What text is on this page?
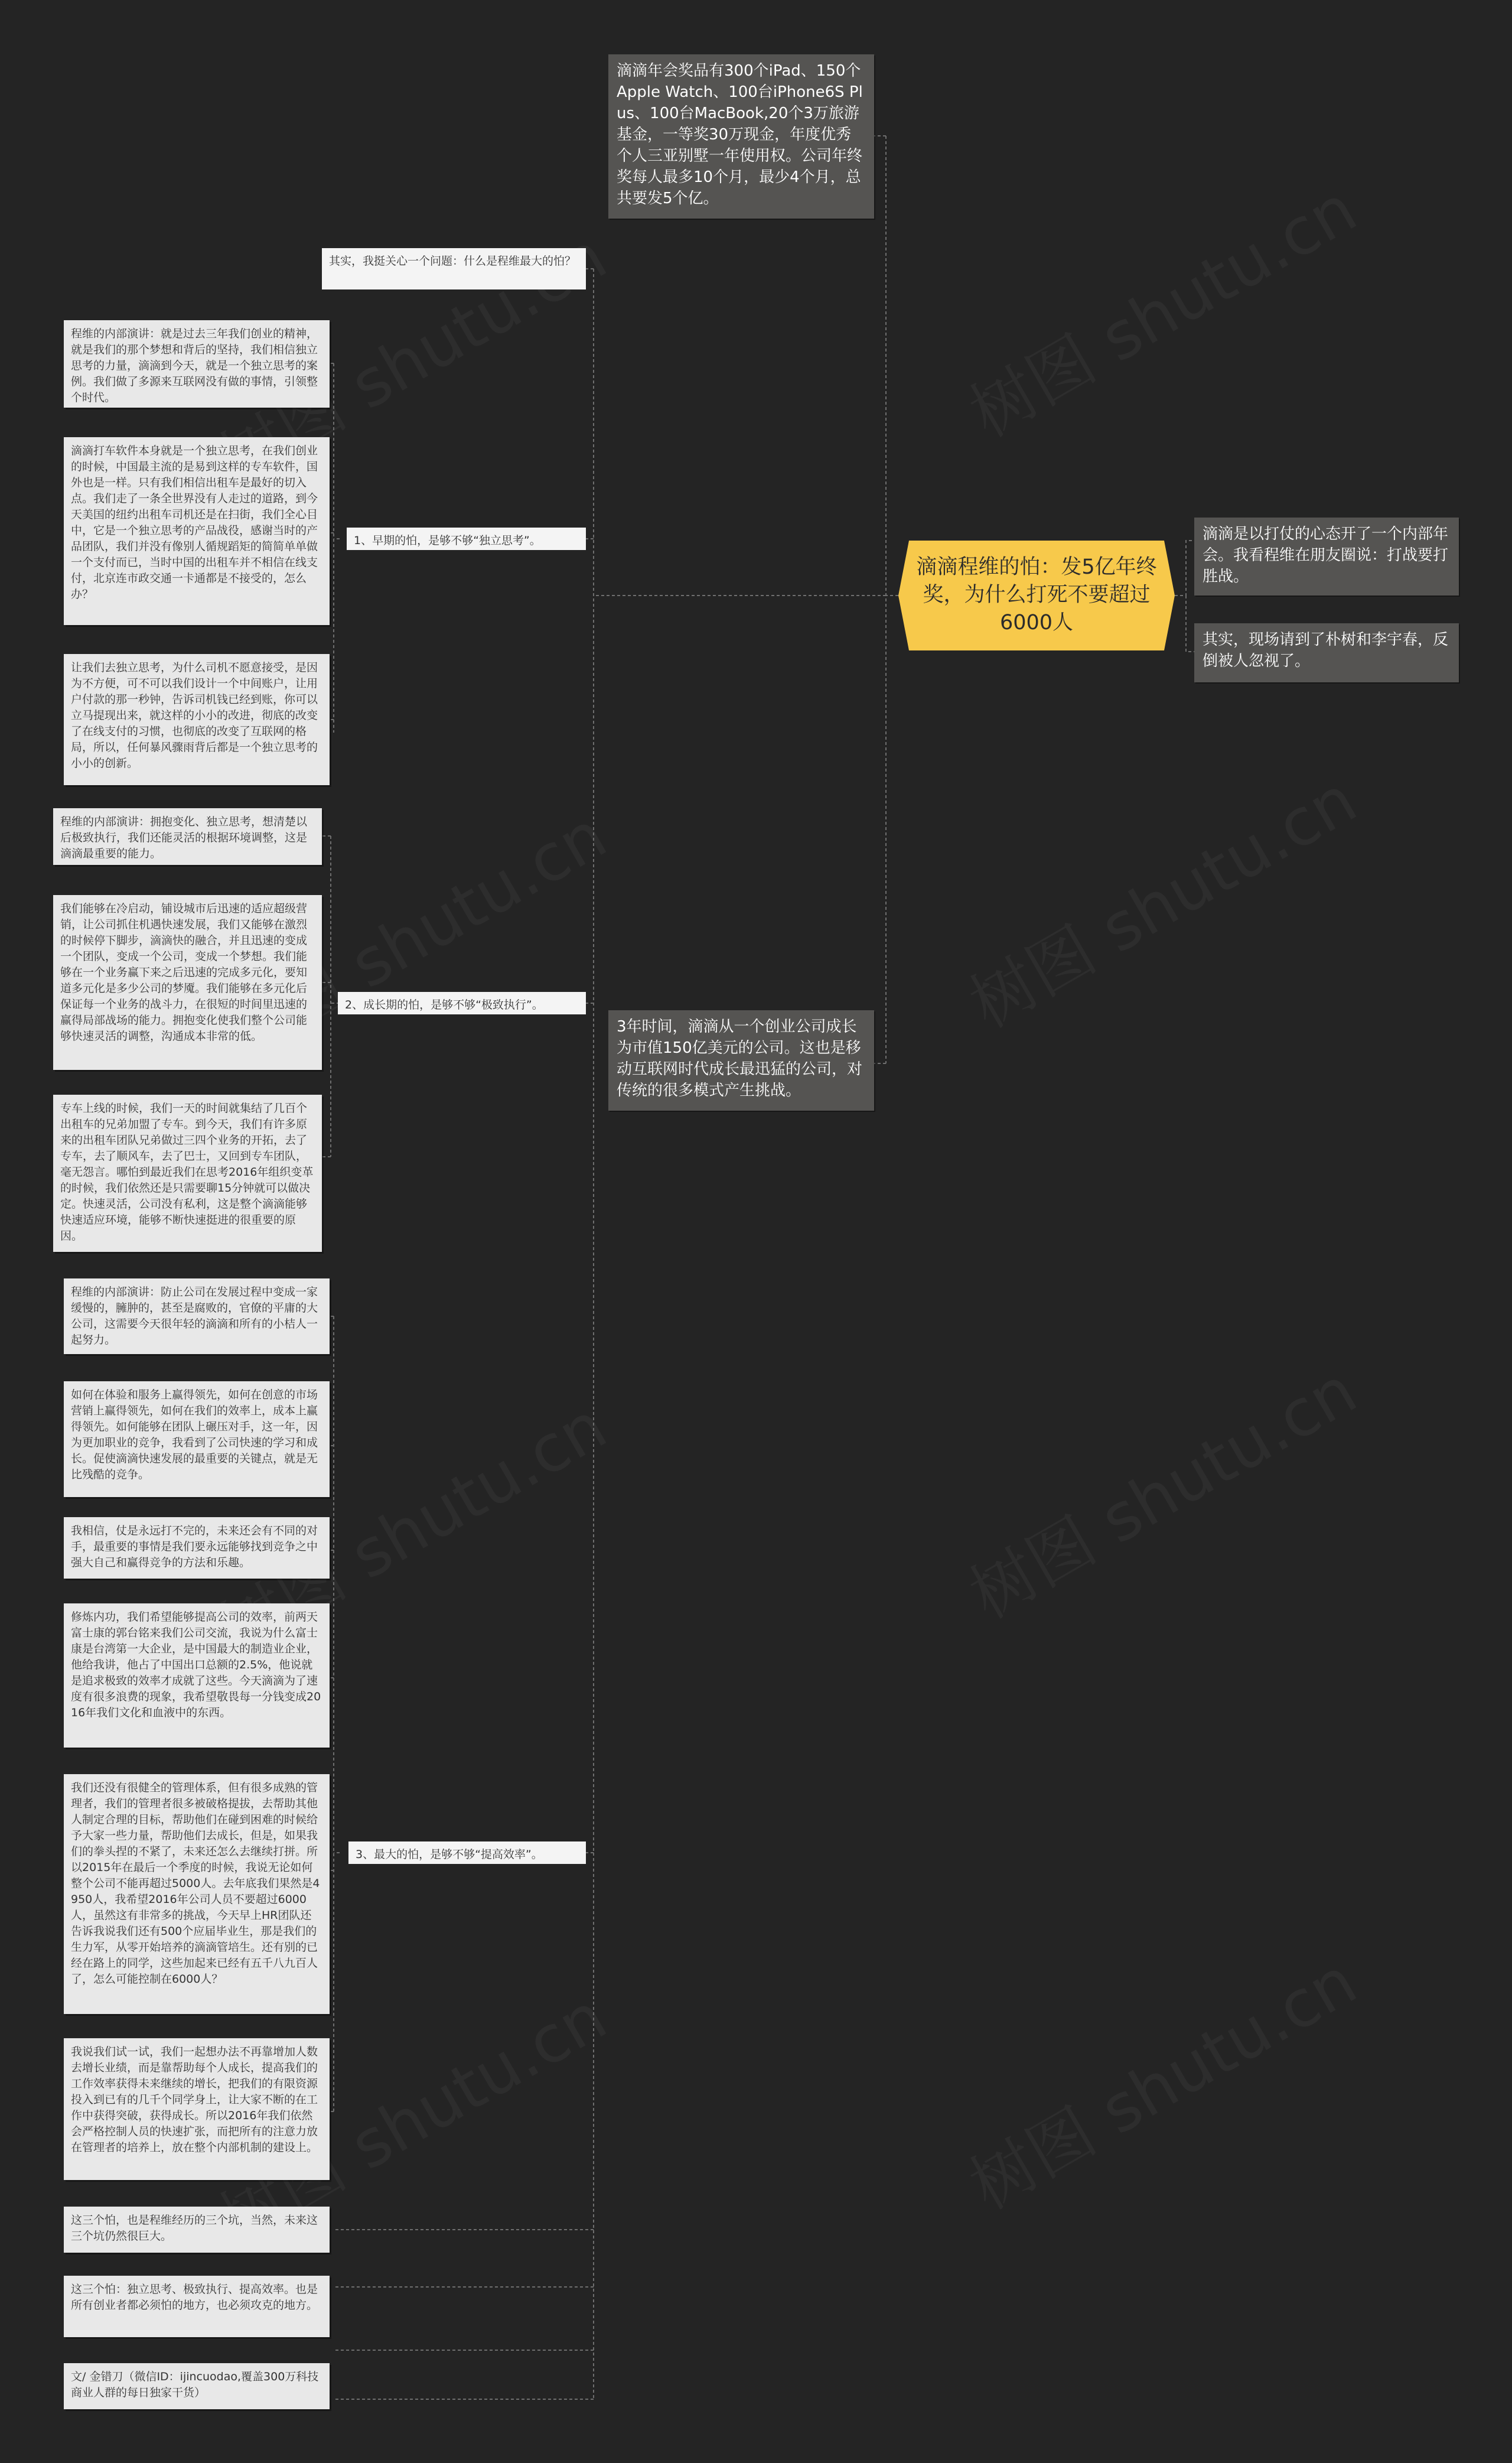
滴滴程维的怕：发5亿年终奖，为什么打死不要超过6000人
滴滴是以打仗的心态开了一个内部年会。我看程维在朋友圈说：打战要打胜战。
其实，现场请到了朴树和李宇春，反倒被人忽视了。
滴滴年会奖品有300个iPad、150个Apple Watch、100台iPhone6S Plus、100台MacBook,20个3万旅游基金，一等奖30万现金，年度优秀个人三亚别墅一年使用权。公司年终奖每人最多10个月，最少4个月，总共要发5个亿。
3年时间，滴滴从一个创业公司成长为市值150亿美元的公司。这也是移动互联网时代成长最迅猛的公司，对传统的很多模式产生挑战。
其实，我挺关心一个问题：什么是程维最大的怕？
1、早期的怕，是够不够“独立思考”。
2、成长期的怕，是够不够“极致执行”。
3、最大的怕，是够不够“提高效率”。
程维的内部演讲：就是过去三年我们创业的精神，就是我们的那个梦想和背后的坚持，我们相信独立思考的力量，滴滴到今天，就是一个独立思考的案例。我们做了多源来互联网没有做的事情，引领整个时代。
滴滴打车软件本身就是一个独立思考，在我们创业的时候，中国最主流的是易到这样的专车软件，国外也是一样。只有我们相信出租车是最好的切入点。我们走了一条全世界没有人走过的道路，到今天美国的纽约出租车司机还是在扫街，我们全心目中，它是一个独立思考的产品战役，感谢当时的产品团队，我们并没有像别人循规蹈矩的简简单单做一个支付而已，当时中国的出租车并不相信在线支付，北京连市政交通一卡通都是不接受的，怎么办？
让我们去独立思考，为什么司机不愿意接受，是因为不方便，可不可以我们设计一个中间账户，让用户付款的那一秒钟，告诉司机钱已经到账，你可以立马提现出来，就这样的小小的改进，彻底的改变了在线支付的习惯，也彻底的改变了互联网的格局，所以，任何暴风骤雨背后都是一个独立思考的小小的创新。
程维的内部演讲：拥抱变化、独立思考，想清楚以后极致执行，我们还能灵活的根据环境调整，这是滴滴最重要的能力。
我们能够在冷启动，铺设城市后迅速的适应超级营销，让公司抓住机遇快速发展，我们又能够在激烈的时候停下脚步，滴滴快的融合，并且迅速的变成一个团队，变成一个公司，变成一个梦想。我们能够在一个业务赢下来之后迅速的完成多元化，要知道多元化是多少公司的梦魇。我们能够在多元化后保证每一个业务的战斗力，在很短的时间里迅速的赢得局部战场的能力。拥抱变化使我们整个公司能够快速灵活的调整，沟通成本非常的低。
专车上线的时候，我们一天的时间就集结了几百个出租车的兄弟加盟了专车。到今天，我们有许多原来的出租车团队兄弟做过三四个业务的开拓，去了专车，去了顺风车，去了巴士，又回到专车团队，毫无怨言。哪怕到最近我们在思考2016年组织变革的时候，我们依然还是只需要聊15分钟就可以做决定。快速灵活，公司没有私利，这是整个滴滴能够快速适应环境，能够不断快速挺进的很重要的原因。
程维的内部演讲：防止公司在发展过程中变成一家缓慢的，臃肿的，甚至是腐败的，官僚的平庸的大公司，这需要今天很年轻的滴滴和所有的小桔人一起努力。
如何在体验和服务上赢得领先，如何在创意的市场营销上赢得领先，如何在我们的效率上，成本上赢得领先。如何能够在团队上碾压对手，这一年，因为更加职业的竞争，我看到了公司快速的学习和成长。促使滴滴快速发展的最重要的关键点，就是无比残酷的竞争。
我相信，仗是永远打不完的，未来还会有不同的对手，最重要的事情是我们要永远能够找到竞争之中强大自己和赢得竞争的方法和乐趣。
修炼内功，我们希望能够提高公司的效率，前两天富士康的郭台铭来我们公司交流，我说为什么富士康是台湾第一大企业，是中国最大的制造业企业，他给我讲，他占了中国出口总额的2.5%，他说就是追求极致的效率才成就了这些。今天滴滴为了速度有很多浪费的现象，我希望敬畏每一分钱变成2016年我们文化和血液中的东西。
我们还没有很健全的管理体系，但有很多成熟的管理者，我们的管理者很多被破格提拔，去帮助其他人制定合理的目标，帮助他们在碰到困难的时候给予大家一些力量，帮助他们去成长，但是，如果我们的拳头捏的不紧了，未来还怎么去继续打拼。所以2015年在最后一个季度的时候，我说无论如何整个公司不能再超过5000人。去年底我们果然是4950人，我希望2016年公司人员不要超过6000人，虽然这有非常多的挑战，今天早上HR团队还告诉我说我们还有500个应届毕业生，那是我们的生力军，从零开始培养的滴滴管培生。还有别的已经在路上的同学，这些加起来已经有五千八九百人了，怎么可能控制在6000人？
我说我们试一试，我们一起想办法不再靠增加人数去增长业绩，而是靠帮助每个人成长，提高我们的工作效率获得未来继续的增长，把我们的有限资源投入到已有的几千个同学身上，让大家不断的在工作中获得突破，获得成长。所以2016年我们依然会严格控制人员的快速扩张，而把所有的注意力放在管理者的培养上，放在整个内部机制的建设上。
这三个怕，也是程维经历的三个坑，当然，未来这三个坑仍然很巨大。
这三个怕：独立思考、极致执行、提高效率。也是所有创业者都必须怕的地方，也必须攻克的地方。
文/ 金错刀（微信ID：ijincuodao,覆盖300万科技商业人群的每日独家干货）
